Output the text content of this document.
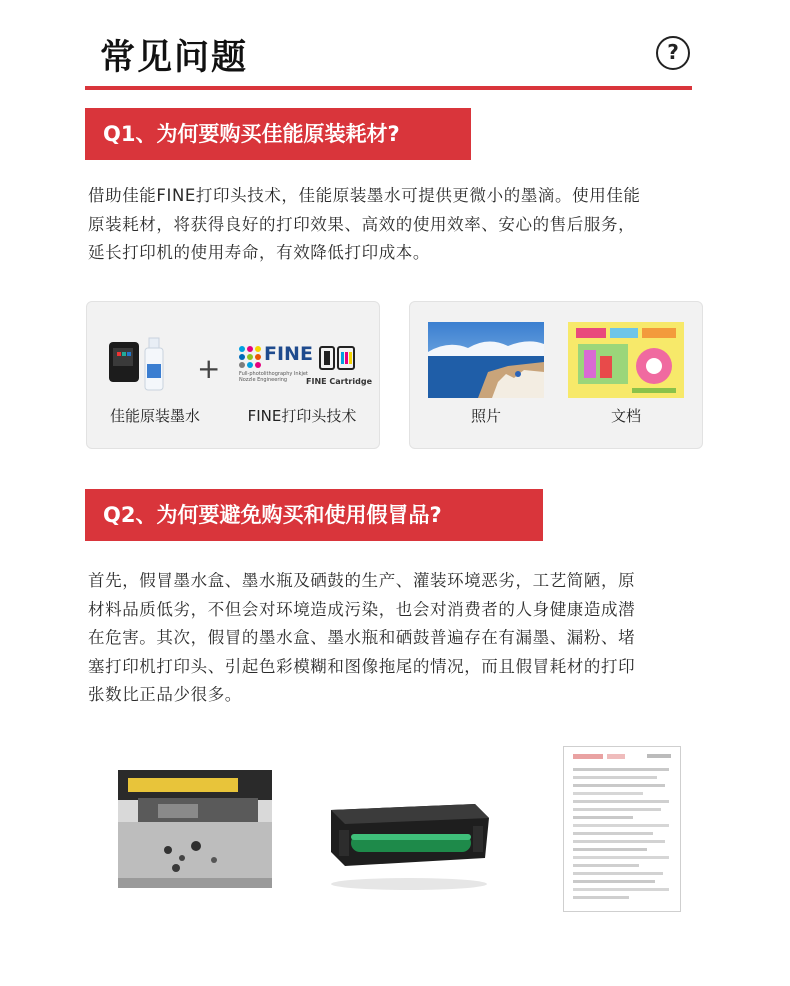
常见问题	?
Q1、为何要购买佳能原装耗材?
借助佳能FINE打印头技术，佳能原装墨水可提供更微小的墨滴。使用佳能
原装耗材，将获得良好的打印效果、高效的使用效率、安心的售后服务，
延长打印机的使用寿命，有效降低打印成本。
+ FINE
Full-photolithography Inkjet
Nozzle Engineering FINE Cartridge
佳能原装墨水	FINE打印头技术	照片	文档
Q2、为何要避免购买和使用假冒品?
首先，假冒墨水盒、墨水瓶及硒鼓的生产、灌装环境恶劣，工艺简陋，原
材料品质低劣，不但会对环境造成污染，也会对消费者的人身健康造成潜
在危害。其次，假冒的墨水盒、墨水瓶和硒鼓普遍存在有漏墨、漏粉、堵
塞打印机打印头、引起色彩模糊和图像拖尾的情况，而且假冒耗材的打印
张数比正品少很多。
